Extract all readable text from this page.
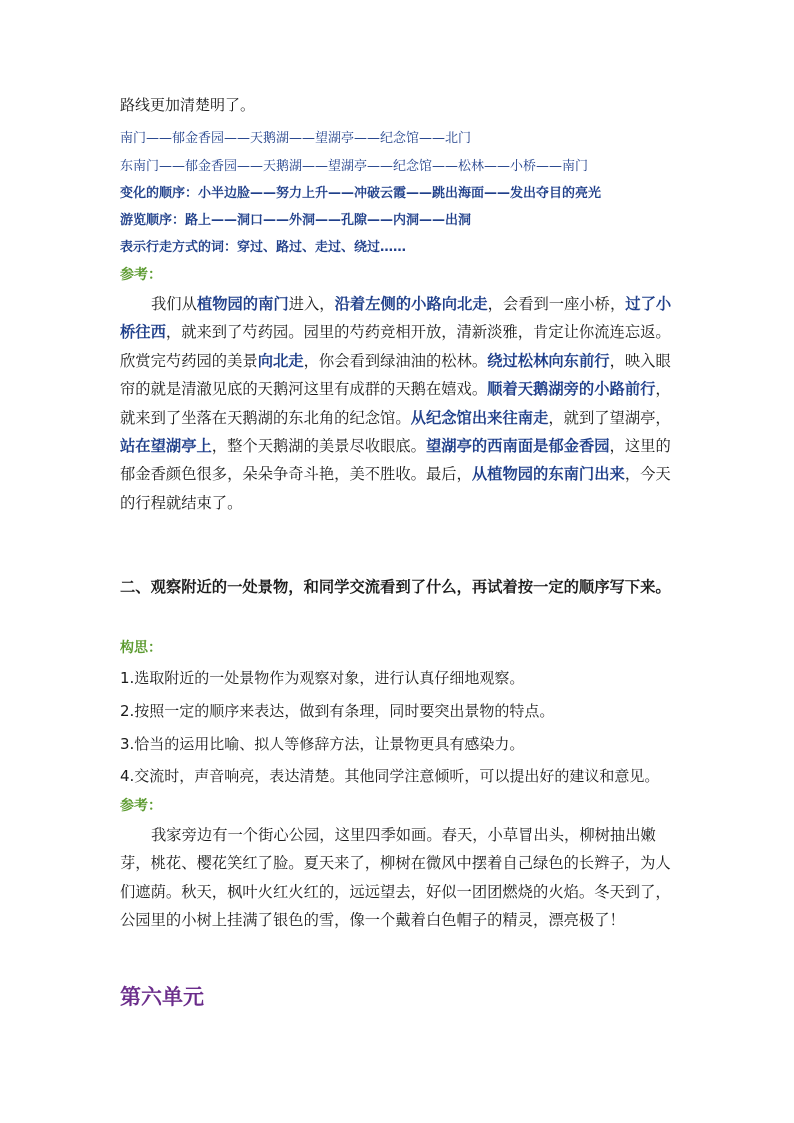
路线更加清楚明了。
南门——郁金香园——天鹅湖——望湖亭——纪念馆——北门
东南门——郁金香园——天鹅湖——望湖亭——纪念馆——松林——小桥——南门
变化的顺序：小半边脸——努力上升——冲破云霞——跳出海面——发出夺目的亮光
游览顺序：路上——洞口——外洞——孔隙——内洞——出洞
表示行走方式的词：穿过、路过、走过、绕过……
参考：

我们从植物园的南门进入，沿着左侧的小路向北走，会看到一座小桥，过了小桥往西，就来到了芍药园。园里的芍药竞相开放，清新淡雅，肯定让你流连忘返。欣赏完芍药园的美景向北走，你会看到绿油油的松林。绕过松林向东前行，映入眼帘的就是清澈见底的天鹅河这里有成群的天鹅在嬉戏。顺着天鹅湖旁的小路前行，就来到了坐落在天鹅湖的东北角的纪念馆。从纪念馆出来往南走，就到了望湖亭，站在望湖亭上，整个天鹅湖的美景尽收眼底。望湖亭的西南面是郁金香园，这里的郁金香颜色很多，朵朵争奇斗艳，美不胜收。最后，从植物园的东南门出来，今天的行程就结束了。

二、观察附近的一处景物，和同学交流看到了什么，再试着按一定的顺序写下来。

构思：
1.选取附近的一处景物作为观察对象，进行认真仔细地观察。
2.按照一定的顺序来表达，做到有条理，同时要突出景物的特点。
3.恰当的运用比喻、拟人等修辞方法，让景物更具有感染力。
4.交流时，声音响亮，表达清楚。其他同学注意倾听，可以提出好的建议和意见。
参考：

我家旁边有一个街心公园，这里四季如画。春天，小草冒出头，柳树抽出嫩芽，桃花、樱花笑红了脸。夏天来了，柳树在微风中摆着自己绿色的长辫子，为人们遮荫。秋天，枫叶火红火红的，远远望去，好似一团团燃烧的火焰。冬天到了，公园里的小树上挂满了银色的雪，像一个戴着白色帽子的精灵，漂亮极了！

第六单元
